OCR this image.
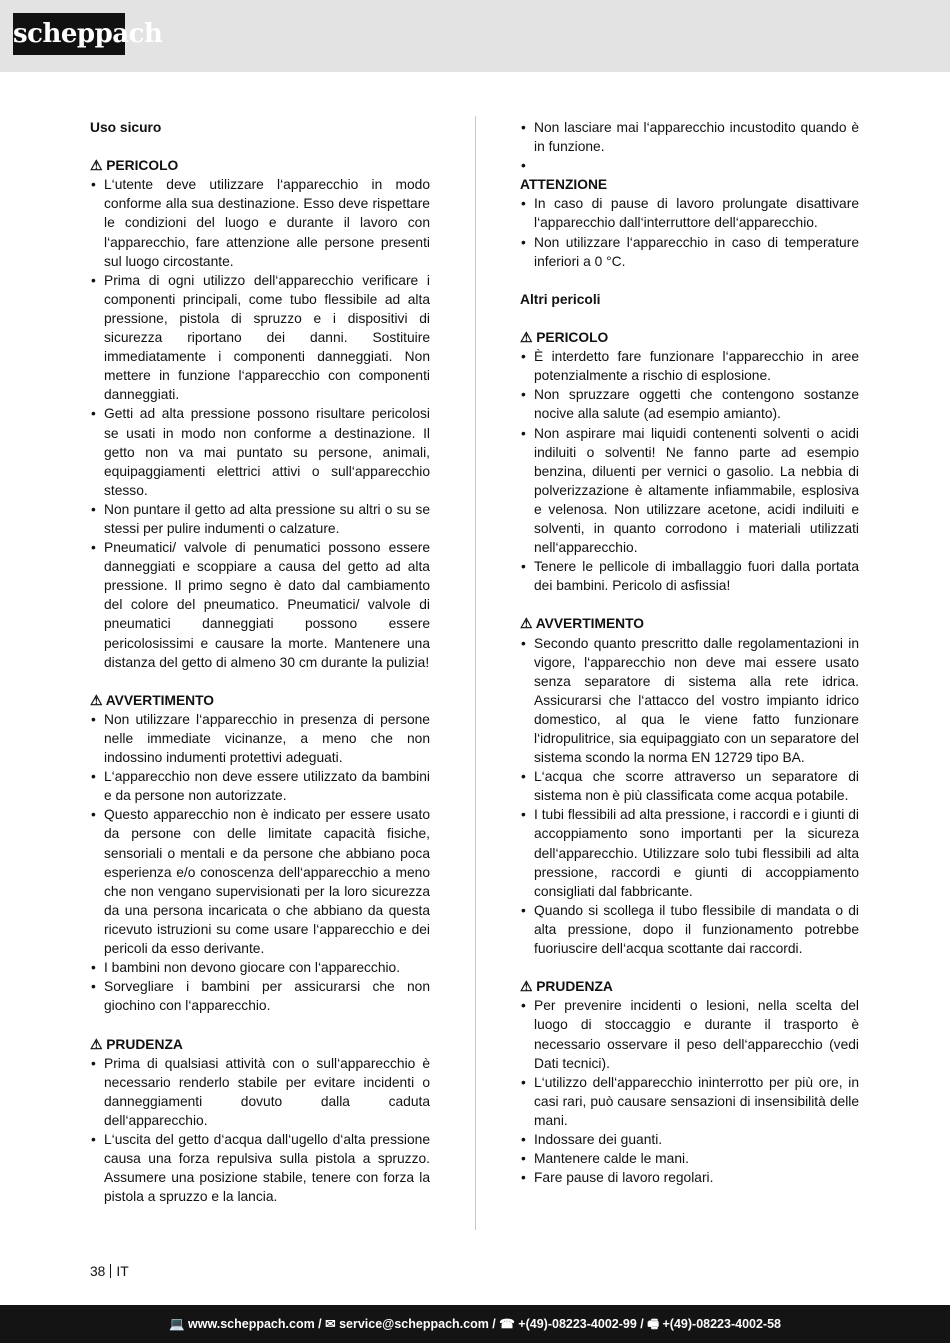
scheppach

Uso sicuro

⚠ PERICOLO
• L‘utente deve utilizzare l‘apparecchio in modo conforme alla sua destinazione. Esso deve rispettare le condizioni del luogo e durante il lavoro con l‘apparecchio, fare attenzione alle persone presenti sul luogo circostante.
• Prima di ogni utilizzo dell‘apparecchio verificare i componenti principali, come tubo flessibile ad alta pressione, pistola di spruzzo e i dispositivi di sicurezza riportano dei danni. Sostituire immediatamente i componenti danneggiati. Non mettere in funzione l‘apparecchio con componenti danneggiati.
• Getti ad alta pressione possono risultare pericolosi se usati in modo non conforme a destinazione. Il getto non va mai puntato su persone, animali, equipaggiamenti elettrici attivi o sull‘apparecchio stesso.
• Non puntare il getto ad alta pressione su altri o su se stessi per pulire indumenti o calzature.
• Pneumatici/ valvole di penumatici possono essere danneggiati e scoppiare a causa del getto ad alta pressione. Il primo segno è dato dal cambiamento del colore del pneumatico. Pneumatici/ valvole di pneumatici danneggiati possono essere pericolosissimi e causare la morte. Mantenere una distanza del getto di almeno 30 cm durante la pulizia!
⚠ AVVERTIMENTO
• Non utilizzare l‘apparecchio in presenza di persone nelle immediate vicinanze, a meno che non indossino indumenti protettivi adeguati.
• L‘apparecchio non deve essere utilizzato da bambini e da persone non autorizzate.
• Questo apparecchio non è indicato per essere usato da persone con delle limitate capacità fisiche, sensoriali o mentali e da persone che abbiano poca esperienza e/o conoscenza dell‘apparecchio a meno che non vengano supervisionati per la loro sicurezza da una persona incaricata o che abbiano da questa ricevuto istruzioni su come usare l‘apparecchio e dei pericoli da esso derivante.
• I bambini non devono giocare con l‘apparecchio.
• Sorvegliare i bambini per assicurarsi che non giochino con l‘apparecchio.
⚠ PRUDENZA
• Prima di qualsiasi attività con o sull‘apparecchio è necessario renderlo stabile per evitare incidenti o danneggiamenti dovuto dalla caduta dell‘apparecchio.
• L‘uscita del getto d‘acqua dall‘ugello d‘alta pressione causa una forza repulsiva sulla pistola a spruzzo. Assumere una posizione stabile, tenere con forza la pistola a spruzzo e la lancia.
• Non lasciare mai l‘apparecchio incustodito quando è in funzione.
•
ATTENZIONE
• In caso di pause di lavoro prolungate disattivare l‘apparecchio dall‘interruttore dell‘apparecchio.
• Non utilizzare l‘apparecchio in caso di temperature inferiori a 0 °C.

Altri pericoli

⚠ PERICOLO
• È interdetto fare funzionare l‘apparecchio in aree potenzialmente a rischio di esplosione.
• Non spruzzare oggetti che contengono sostanze nocive alla salute (ad esempio amianto).
• Non aspirare mai liquidi contenenti solventi o acidi indiluiti o solventi! Ne fanno parte ad esempio benzina, diluenti per vernici o gasolio. La nebbia di polverizzazione è altamente infiammabile, esplosiva e velenosa. Non utilizzare acetone, acidi indiluiti e solventi, in quanto corrodono i materiali utilizzati nell‘apparecchio.
• Tenere le pellicole di imballaggio fuori dalla portata dei bambini. Pericolo di asfissia!
⚠ AVVERTIMENTO
• Secondo quanto prescritto dalle regolamentazioni in vigore, l‘apparecchio non deve mai essere usato senza separatore di sistema alla rete idrica. Assicurarsi che l‘attacco del vostro impianto idrico domestico, al qua le viene fatto funzionare l‘idropulitrice, sia equipaggiato con un separatore del sistema scondo la norma EN 12729 tipo BA.
• L‘acqua che scorre attraverso un separatore di sistema non è più classificata come acqua potabile.
• I tubi flessibili ad alta pressione, i raccordi e i giunti di accoppiamento sono importanti per la sicureza dell‘apparecchio. Utilizzare solo tubi flessibili ad alta pressione, raccordi e giunti di accoppiamento consigliati dal fabbricante.
• Quando si scollega il tubo flessibile di mandata o di alta pressione, dopo il funzionamento potrebbe fuoriuscire dell‘acqua scottante dai raccordi.
⚠ PRUDENZA
• Per prevenire incidenti o lesioni, nella scelta del luogo di stoccaggio e durante il trasporto è necessario osservare il peso dell‘apparecchio (vedi Dati tecnici).
• L‘utilizzo dell‘apparecchio ininterrotto per più ore, in casi rari, può causare sensazioni di insensibilità delle mani.
• Indossare dei guanti.
• Mantenere calde le mani.
• Fare pause di lavoro regolari.
38 IT
💻 www.scheppach.com / ✉ service@scheppach.com / ☎ +(49)-08223-4002-99 / 🖷 +(49)-08223-4002-58
